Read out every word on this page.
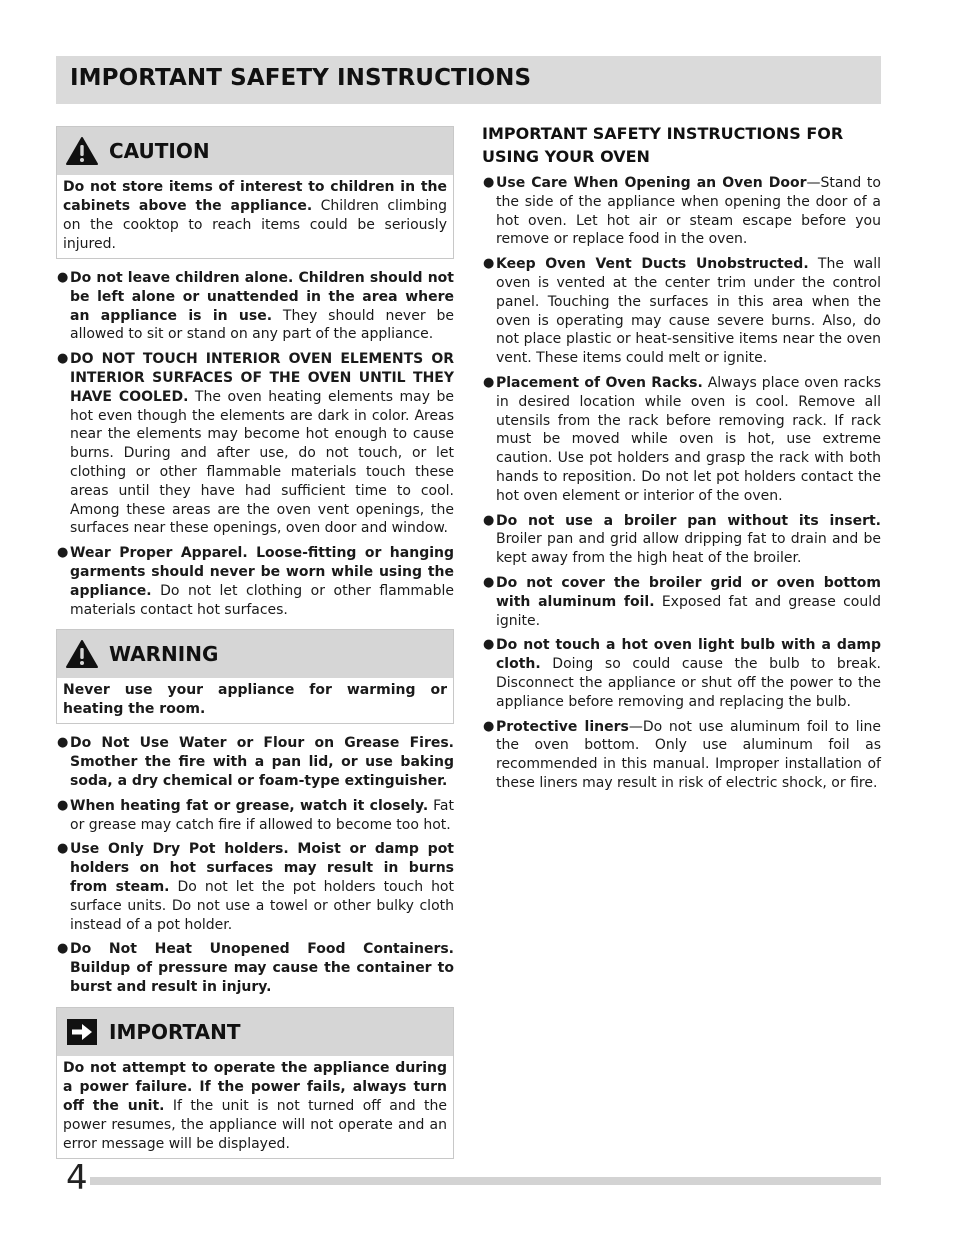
IMPORTANT SAFETY INSTRUCTIONS
CAUTION
Do not store items of interest to children in the cabinets above the appliance. Children climbing on the cooktop to reach items could be seriously injured.
● Do not leave children alone. Children should not be left alone or unattended in the area where an appliance is in use. They should never be allowed to sit or stand on any part of the appliance.
● DO NOT TOUCH INTERIOR OVEN ELEMENTS OR INTERIOR SURFACES OF THE OVEN UNTIL THEY HAVE COOLED. The oven heating elements may be hot even though the elements are dark in color. Areas near the elements may become hot enough to cause burns. During and after use, do not touch, or let clothing or other flammable materials touch these areas until they have had sufficient time to cool. Among these areas are the oven vent openings, the surfaces near these openings, oven door and window.
● Wear Proper Apparel. Loose-fitting or hanging garments should never be worn while using the appliance. Do not let clothing or other flammable materials contact hot surfaces.
WARNING
Never use your appliance for warming or heating the room.
● Do Not Use Water or Flour on Grease Fires. Smother the fire with a pan lid, or use baking soda, a dry chemical or foam-type extinguisher.
● When heating fat or grease, watch it closely. Fat or grease may catch fire if allowed to become too hot.
● Use Only Dry Pot holders. Moist or damp pot holders on hot surfaces may result in burns from steam. Do not let the pot holders touch hot surface units. Do not use a towel or other bulky cloth instead of a pot holder.
● Do Not Heat Unopened Food Containers. Buildup of pressure may cause the container to burst and result in injury.
IMPORTANT
Do not attempt to operate the appliance during a power failure. If the power fails, always turn off the unit. If the unit is not turned off and the power resumes, the appliance will not operate and an error message will be displayed.
IMPORTANT SAFETY INSTRUCTIONS FOR USING YOUR OVEN
● Use Care When Opening an Oven Door—Stand to the side of the appliance when opening the door of a hot oven. Let hot air or steam escape before you remove or replace food in the oven.
● Keep Oven Vent Ducts Unobstructed. The wall oven is vented at the center trim under the control panel. Touching the surfaces in this area when the oven is operating may cause severe burns. Also, do not place plastic or heat-sensitive items near the oven vent. These items could melt or ignite.
● Placement of Oven Racks. Always place oven racks in desired location while oven is cool. Remove all utensils from the rack before removing rack. If rack must be moved while oven is hot, use extreme caution. Use pot holders and grasp the rack with both hands to reposition. Do not let pot holders contact the hot oven element or interior of the oven.
● Do not use a broiler pan without its insert. Broiler pan and grid allow dripping fat to drain and be kept away from the high heat of the broiler.
● Do not cover the broiler grid or oven bottom with aluminum foil. Exposed fat and grease could ignite.
● Do not touch a hot oven light bulb with a damp cloth. Doing so could cause the bulb to break. Disconnect the appliance or shut off the power to the appliance before removing and replacing the bulb.
● Protective liners—Do not use aluminum foil to line the oven bottom. Only use aluminum foil as recommended in this manual. Improper installation of these liners may result in risk of electric shock, or fire.
4
